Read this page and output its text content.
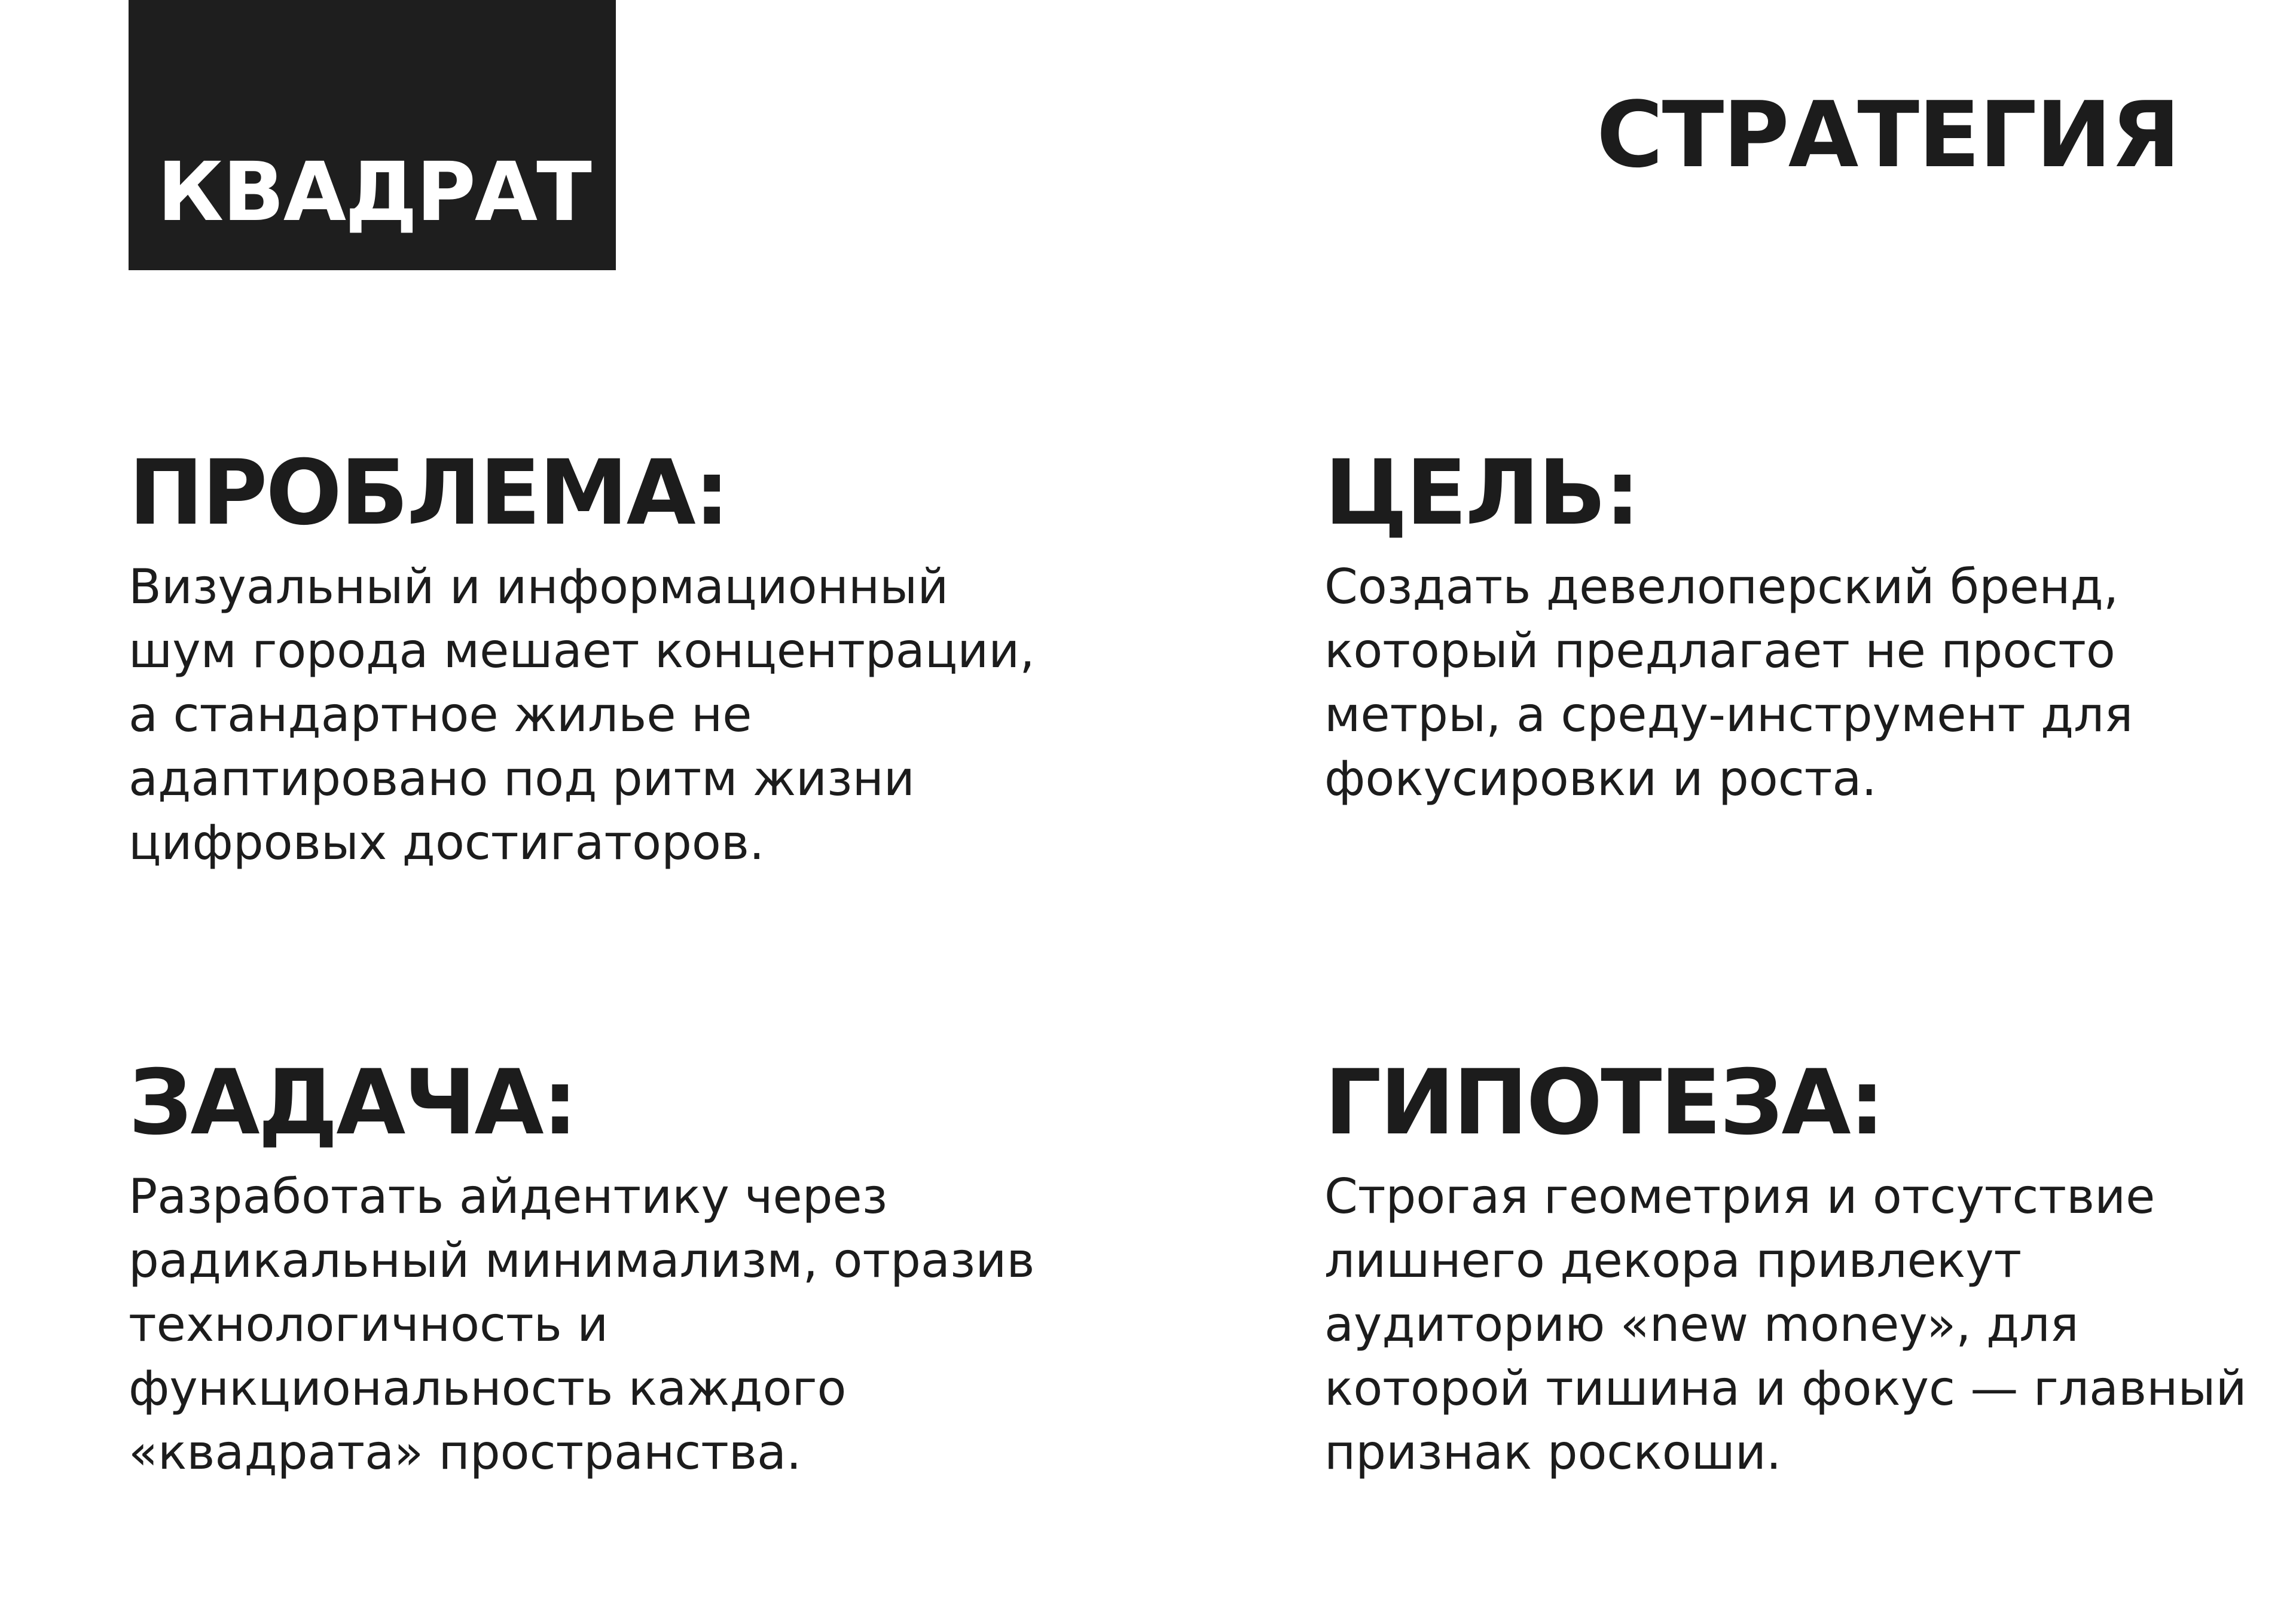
КВАДРАТ
СТРАТЕГИЯ
ПРОБЛЕМА:

Визуальный и информационный шум города мешает концентрации, а стандартное жилье не адаптировано под ритм жизни цифровых достигаторов.

ЦЕЛЬ:

Создать девелоперский бренд, который предлагает не просто метры, а среду-инструмент для фокусировки и роста.

ЗАДАЧА:

Разработать айдентику через радикальный минимализм, отразив технологичность и функциональность каждого «квадрата» пространства.

ГИПОТЕЗА:

Строгая геометрия и отсутствие лишнего декора привлекут аудиторию «new money», для которой тишина и фокус — главный признак роскоши.
